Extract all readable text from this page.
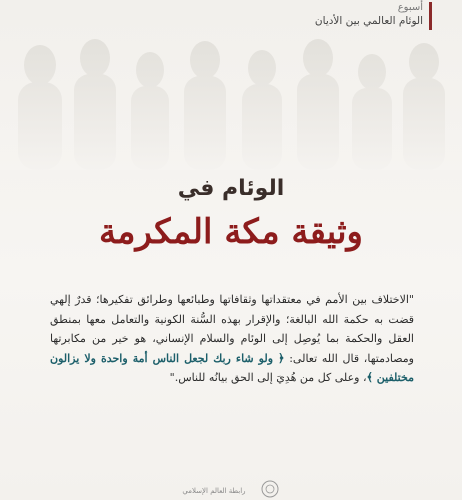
أسبوع
الوئام العالمي بين الأديان
الوئام في
وثيقة مكة المكرمة
"الاختلاف بين الأمم في معتقداتها وثقافاتها وطبائعها وطرائق تفكيرها؛ قدرٌ إلهي قضت به حكمة الله البالغة؛ والإقرار بهذه السُّنة الكونية والتعامل معها بمنطق العقل والحكمة بما يُوصِل إلى الوئام والسلام الإنساني، هو خير من مكابرتها ومصادمتها، قال الله تعالى: ﴿ ولو شاء ربك لجعل الناس أمة واحدة ولا يزالون مختلفين ﴾، وعلى كل من هُدِيَ إلى الحق بيانُه للناس."
رابطة العالم الإسلامي
